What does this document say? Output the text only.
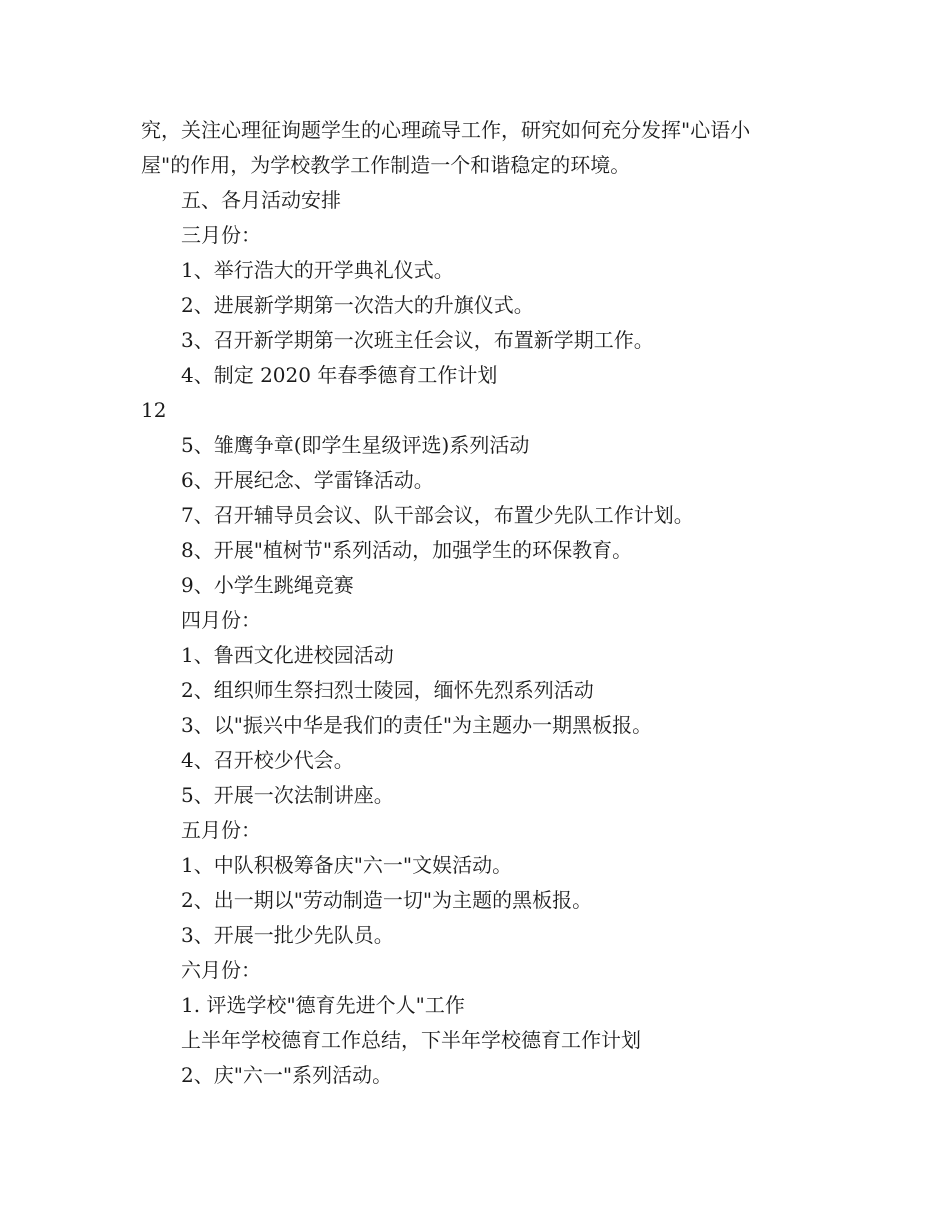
究，关注心理征询题学生的心理疏导工作，研究如何充分发挥"心语小
屋"的作用，为学校教学工作制造一个和谐稳定的环境。
五、各月活动安排
三月份：
1、举行浩大的开学典礼仪式。
2、进展新学期第一次浩大的升旗仪式。
3、召开新学期第一次班主任会议，布置新学期工作。
4、制定 2020 年春季德育工作计划
12
5、雏鹰争章(即学生星级评选)系列活动
6、开展纪念、学雷锋活动。
7、召开辅导员会议、队干部会议，布置少先队工作计划。
8、开展"植树节"系列活动，加强学生的环保教育。
9、小学生跳绳竞赛
四月份：
1、鲁西文化进校园活动
2、组织师生祭扫烈士陵园，缅怀先烈系列活动
3、以"振兴中华是我们的责任"为主题办一期黑板报。
4、召开校少代会。
5、开展一次法制讲座。
五月份：
1、中队积极筹备庆"六一"文娱活动。
2、出一期以"劳动制造一切"为主题的黑板报。
3、开展一批少先队员。
六月份：
1. 评选学校"德育先进个人"工作
上半年学校德育工作总结，下半年学校德育工作计划
2、庆"六一"系列活动。
